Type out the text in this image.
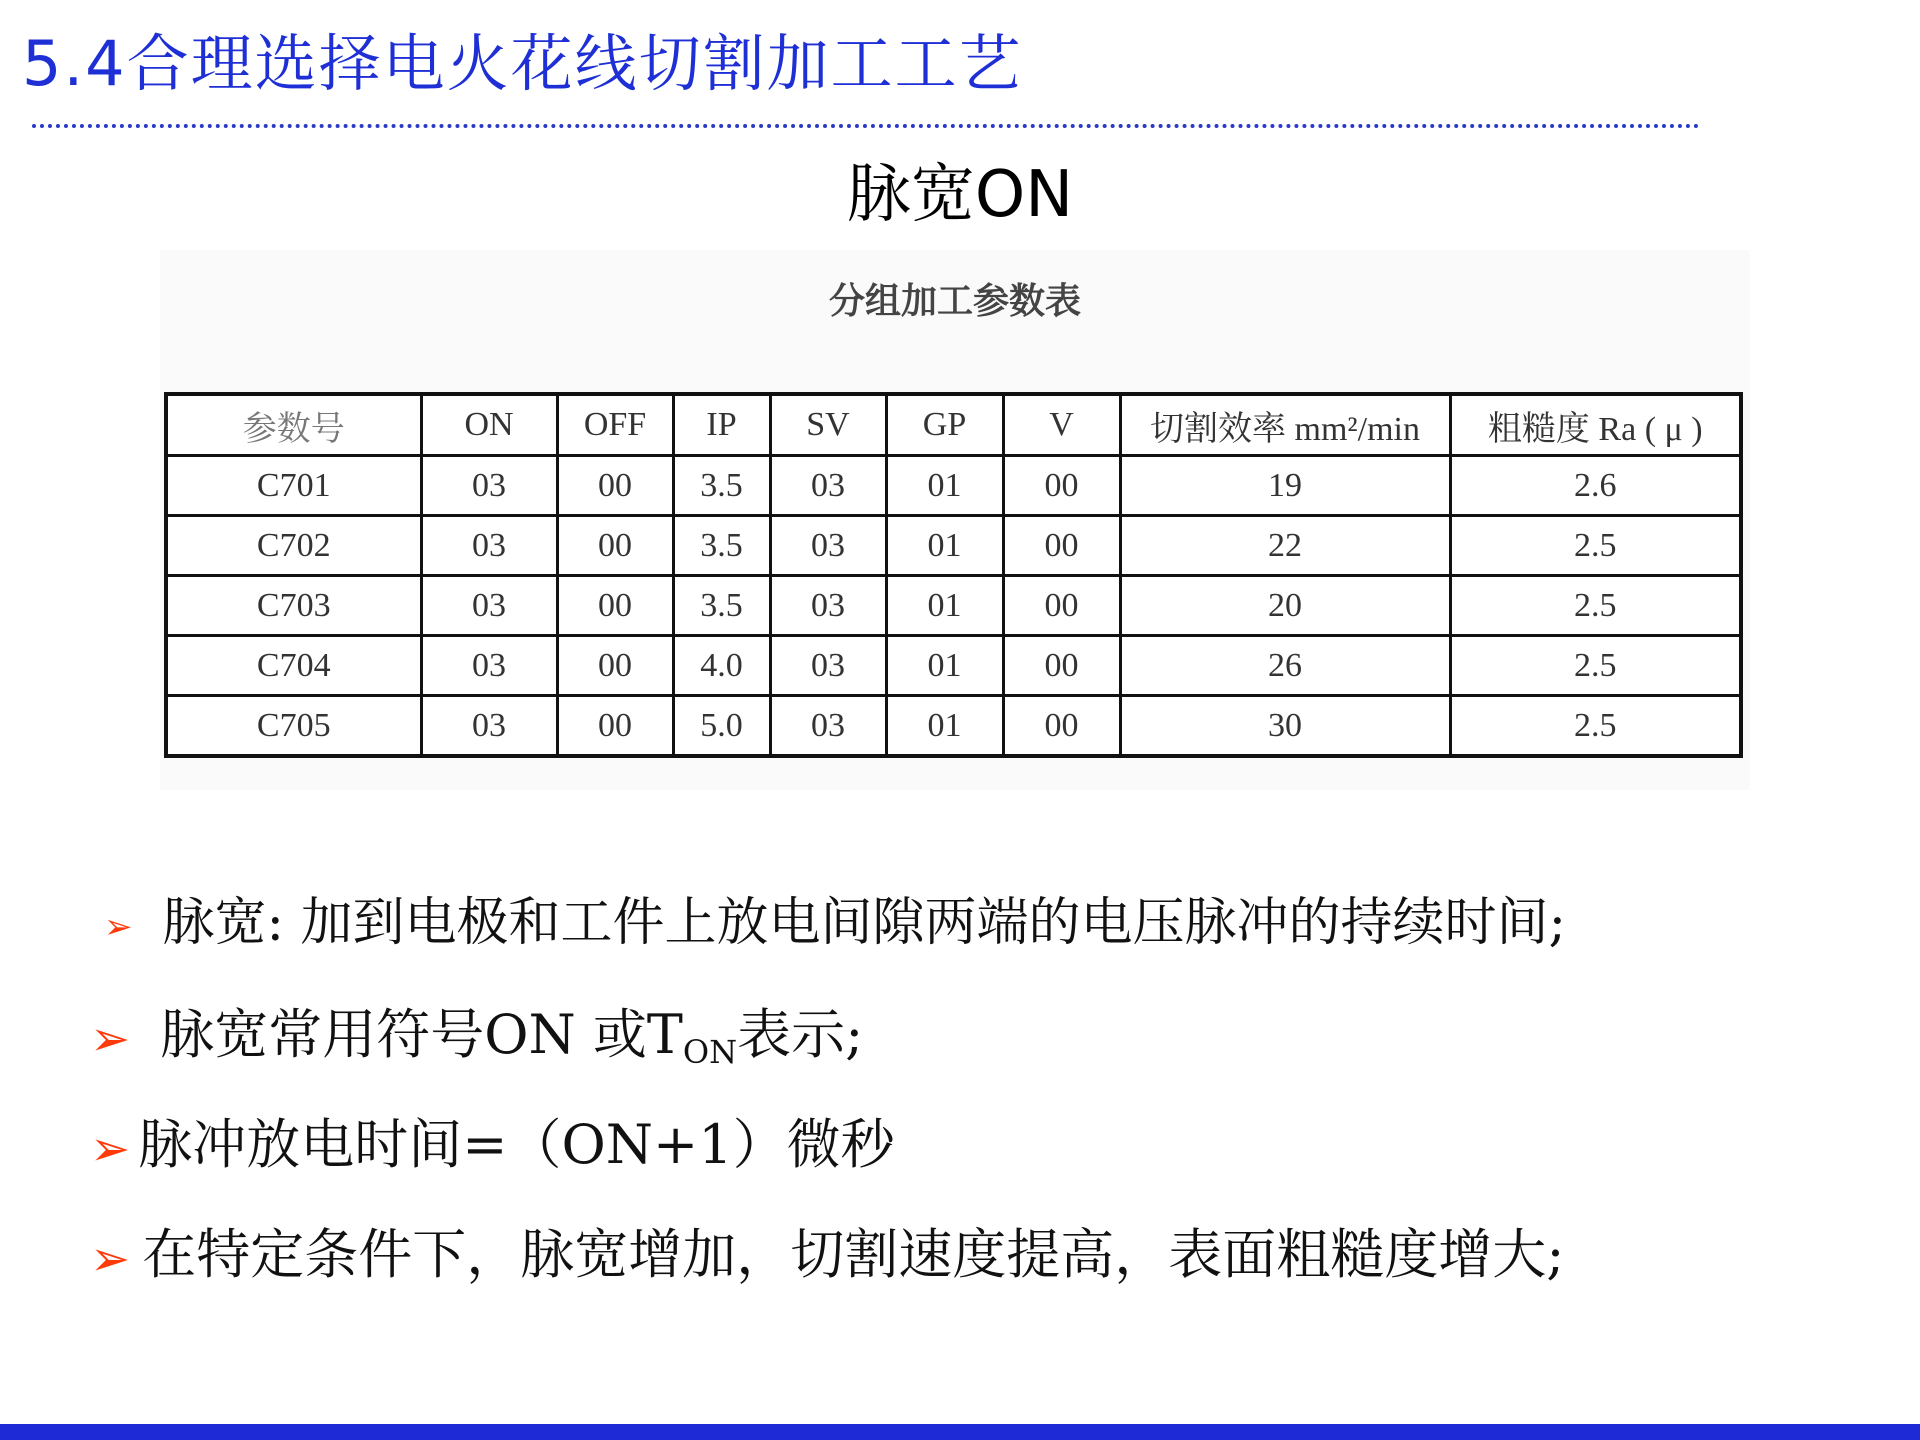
5.4合理选择电火花线切割加工工艺
脉宽ON
分组加工参数表
参数号	ON	OFF	IP	SV	GP	V	切割效率 mm²/min	粗糙度 Ra ( μ )
C701	03	00	3.5	03	01	00	19	2.6
C702	03	00	3.5	03	01	00	22	2.5
C703	03	00	3.5	03	01	00	20	2.5
C704	03	00	4.0	03	01	00	26	2.5
C705	03	00	5.0	03	01	00	30	2.5
➢ 脉宽: 加到电极和工件上放电间隙两端的电压脉冲的持续时间;
➢ 脉宽常用符号ON 或$T_{ON}$表示;
➢ 脉冲放电时间=（ON+1）微秒
➢ 在特定条件下，脉宽增加，切割速度提高，表面粗糙度增大;
